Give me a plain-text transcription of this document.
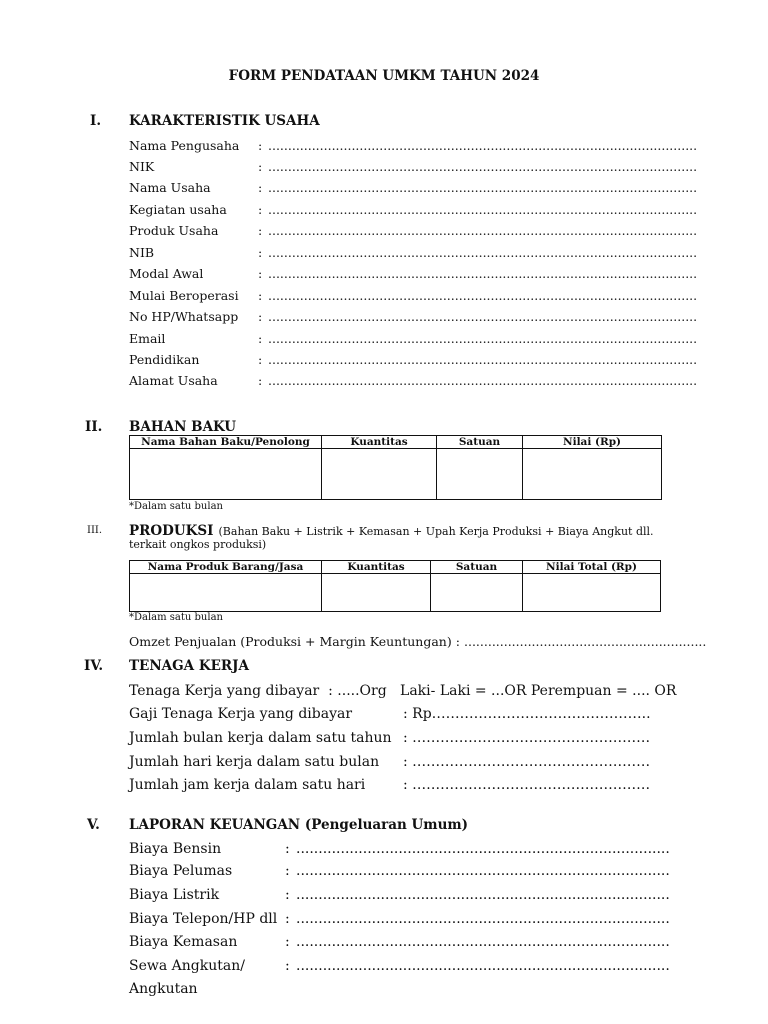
FORM PENDATAAN UMKM TAHUN 2024
I. KARAKTERISTIK USAHA
Nama Pengusaha : ............................................................................................................
NIK	: ............................................................................................................
Nama Usaha	: ............................................................................................................
Kegiatan usaha : ............................................................................................................
Produk Usaha	: ............................................................................................................
NIB	: ............................................................................................................
Modal Awal	: ............................................................................................................
Mulai Beroperasi : ............................................................................................................
No HP/Whatsapp : ............................................................................................................
Email	: ............................................................................................................
Pendidikan	: ............................................................................................................
Alamat Usaha	: ............................................................................................................
II. BAHAN BAKU
Nama Bahan Baku/Penolong	Kuantitas	Satuan	Nilai (Rp)

*Dalam satu bulan
III. PRODUKSI (Bahan Baku + Listrik + Kemasan + Upah Kerja Produksi + Biaya Angkut dll.
terkait ongkos produksi)
Nama Produk Barang/Jasa	Kuantitas	Satuan	Nilai Total (Rp)

*Dalam satu bulan
Omzet Penjualan (Produksi + Margin Keuntungan) : .............................................................
IV. TENAGA KERJA
Tenaga Kerja yang dibayar  : .....Org   Laki- Laki = ...OR Perempuan = .... OR
Gaji Tenaga Kerja yang dibayar	: Rp………………………………………..
Jumlah bulan kerja dalam satu tahun : ……………………………………………
Jumlah hari kerja dalam satu bulan : ……………………………………………
Jumlah jam kerja dalam satu hari	: ……………………………………………
V. LAPORAN KEUANGAN (Pengeluaran Umum)
Biaya Bensin	: ....................................................................................
Biaya Pelumas	: ....................................................................................
Biaya Listrik	: ....................................................................................
Biaya Telepon/HP dll : ....................................................................................
Biaya Kemasan	: ....................................................................................
Sewa Angkutan/	: ....................................................................................
Angkutan
